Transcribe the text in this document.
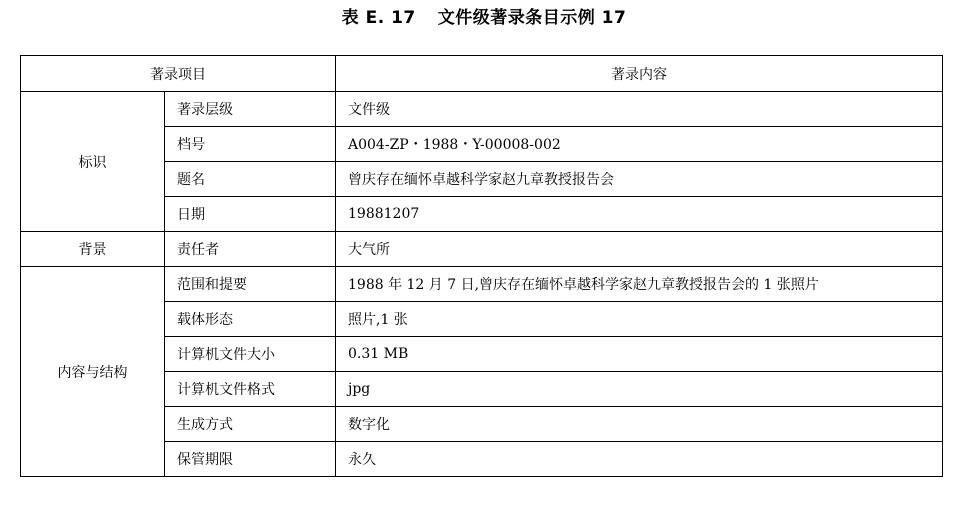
表 E. 17 文件级著录条目示例 17
著录项目		著录内容
标识	著录层级	文件级
	档号	A004-ZP・1988・Y-00008-002
	题名	曾庆存在缅怀卓越科学家赵九章教授报告会
	日期	19881207
背景	责任者	大气所
内容与结构	范围和提要	1988 年 12 月 7 日,曾庆存在缅怀卓越科学家赵九章教授报告会的 1 张照片
	载体形态	照片,1 张
	计算机文件大小	0.31 MB
	计算机文件格式	jpg
	生成方式	数字化
	保管期限	永久
